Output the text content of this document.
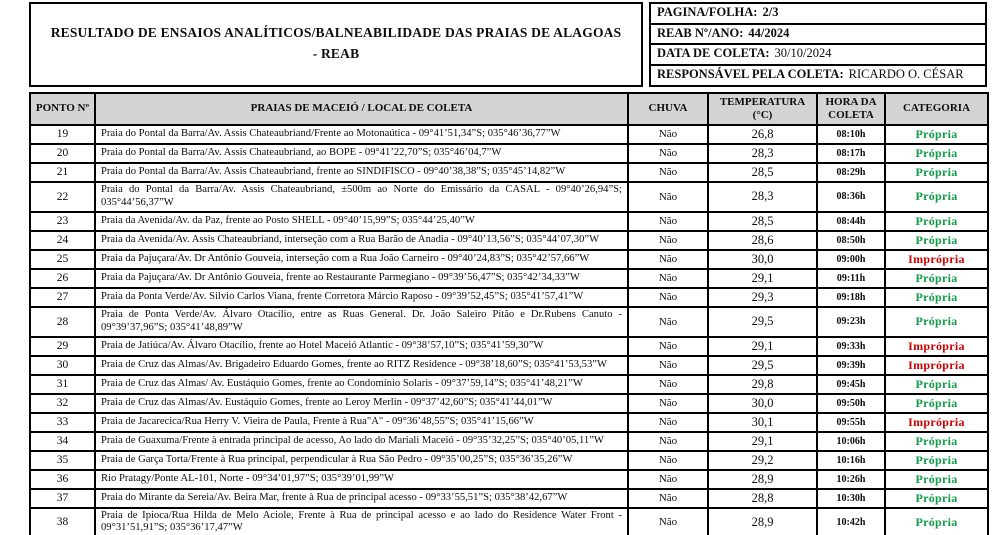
RESULTADO DE ENSAIOS ANALÍTICOS/BALNEABILIDADE DAS PRAIAS DE ALAGOAS - REAB
PAGINA/FOLHA: 2/3
REAB Nº/ANO: 44/2024
DATA DE COLETA: 30/10/2024
RESPONSÁVEL PELA COLETA: RICARDO O. CÉSAR
PONTO Nº	PRAIAS DE MACEIÓ / LOCAL DE COLETA	CHUVA	TEMPERATURA (°C)	HORA DA COLETA	CATEGORIA
19	Praia do Pontal da Barra/Av. Assis Chateaubriand/Frente ao Motonaútica - 09°41’51,34”S; 035°46’36,77”W	Não	26,8	08:10h	Própria
20	Praia do Pontal da Barra/Av. Assis Chateaubriand, ao BOPE - 09°41’22,70”S; 035°46’04,7”W	Não	28,3	08:17h	Própria
21	Praia do Pontal da Barra/Av. Assis Chateaubriand, frente ao SINDIFISCO - 09°40’38,38”S; 035°45’14,82”W	Não	28,5	08:29h	Própria
22	Praia do Pontal da Barra/Av. Assis Chateaubriand, ±500m ao Norte do Emissário da CASAL - 09°40’26,94”S; 035°44’56,37”W	Não	28,3	08:36h	Própria
23	Praia da Avenida/Av. da Paz, frente ao Posto SHELL - 09°40’15,99”S; 035°44’25,40”W	Não	28,5	08:44h	Própria
24	Praia da Avenida/Av. Assis Chateaubriand, interseção com a Rua Barão de Anadia - 09°40’13,56”S; 035°44’07,30”W	Não	28,6	08:50h	Própria
25	Praia da Pajuçara/Av. Dr Antônio Gouveia, interseção com a Rua João Carneiro - 09°40’24,83”S; 035°42’57,66”W	Não	30,0	09:00h	Imprópria
26	Praia da Pajuçara/Av. Dr Antônio Gouveia, frente ao Restaurante Parmegiano - 09°39’56,47”S; 035°42’34,33”W	Não	29,1	09:11h	Própria
27	Praia da Ponta Verde/Av. Silvio Carlos Viana, frente Corretora Márcio Raposo - 09°39’52,45”S; 035°41’57,41”W	Não	29,3	09:18h	Própria
28	Praia de Ponta Verde/Av. Álvaro Otacílio, entre as Ruas General. Dr. João Saleiro Pitão e Dr.Rubens Canuto - 09°39’37,96”S; 035°41’48,89”W	Não	29,5	09:23h	Própria
29	Praia de Jatiúca/Av. Álvaro Otacílio, frente ao Hotel Maceió Atlantic - 09°38’57,10”S; 035°41’59,30”W	Não	29,1	09:33h	Imprópria
30	Praia de Cruz das Almas/Av. Brigadeiro Eduardo Gomes, frente ao RITZ Residence - 09°38’18,60”S; 035°41’53,53”W	Não	29,5	09:39h	Imprópria
31	Praia de Cruz das Almas/ Av. Eustáquio Gomes, frente ao Condomínio Solaris - 09°37’59,14”S; 035°41’48,21”W	Não	29,8	09:45h	Própria
32	Praia de Cruz das Almas/Av. Eustáquio Gomes, frente ao Leroy Merlin - 09°37’42,60”S; 035°41’44,01”W	Não	30,0	09:50h	Própria
33	Praia de Jacarecica/Rua Herry V. Vieira de Paula, Frente à Rua"A" - 09°36’48,55”S; 035°41’15,66”W	Não	30,1	09:55h	Imprópria
34	Praia de Guaxuma/Frente à entrada principal de acesso, Ao lado do Mariali Maceió - 09°35’32,25”S; 035°40’05,11”W	Não	29,1	10:06h	Própria
35	Praia de Garça Torta/Frente à Rua principal, perpendicular à Rua São Pedro - 09°35’00,25”S; 035°36’35,26”W	Não	29,2	10:16h	Própria
36	Rio Pratagy/Ponte AL-101, Norte - 09°34’01,97”S; 035°39’01,99”W	Não	28,9	10:26h	Própria
37	Praia do Mirante da Sereia/Av. Beira Mar, frente à Rua de principal acesso - 09°33’55,51”S; 035°38’42,67”W	Não	28,8	10:30h	Própria
38	Praia de Ipioca/Rua Hilda de Melo Aciole, Frente à Rua de principal acesso e ao lado do Residence Water Front - 09°31’51,91”S; 035°36’17,47”W	Não	28,9	10:42h	Própria
